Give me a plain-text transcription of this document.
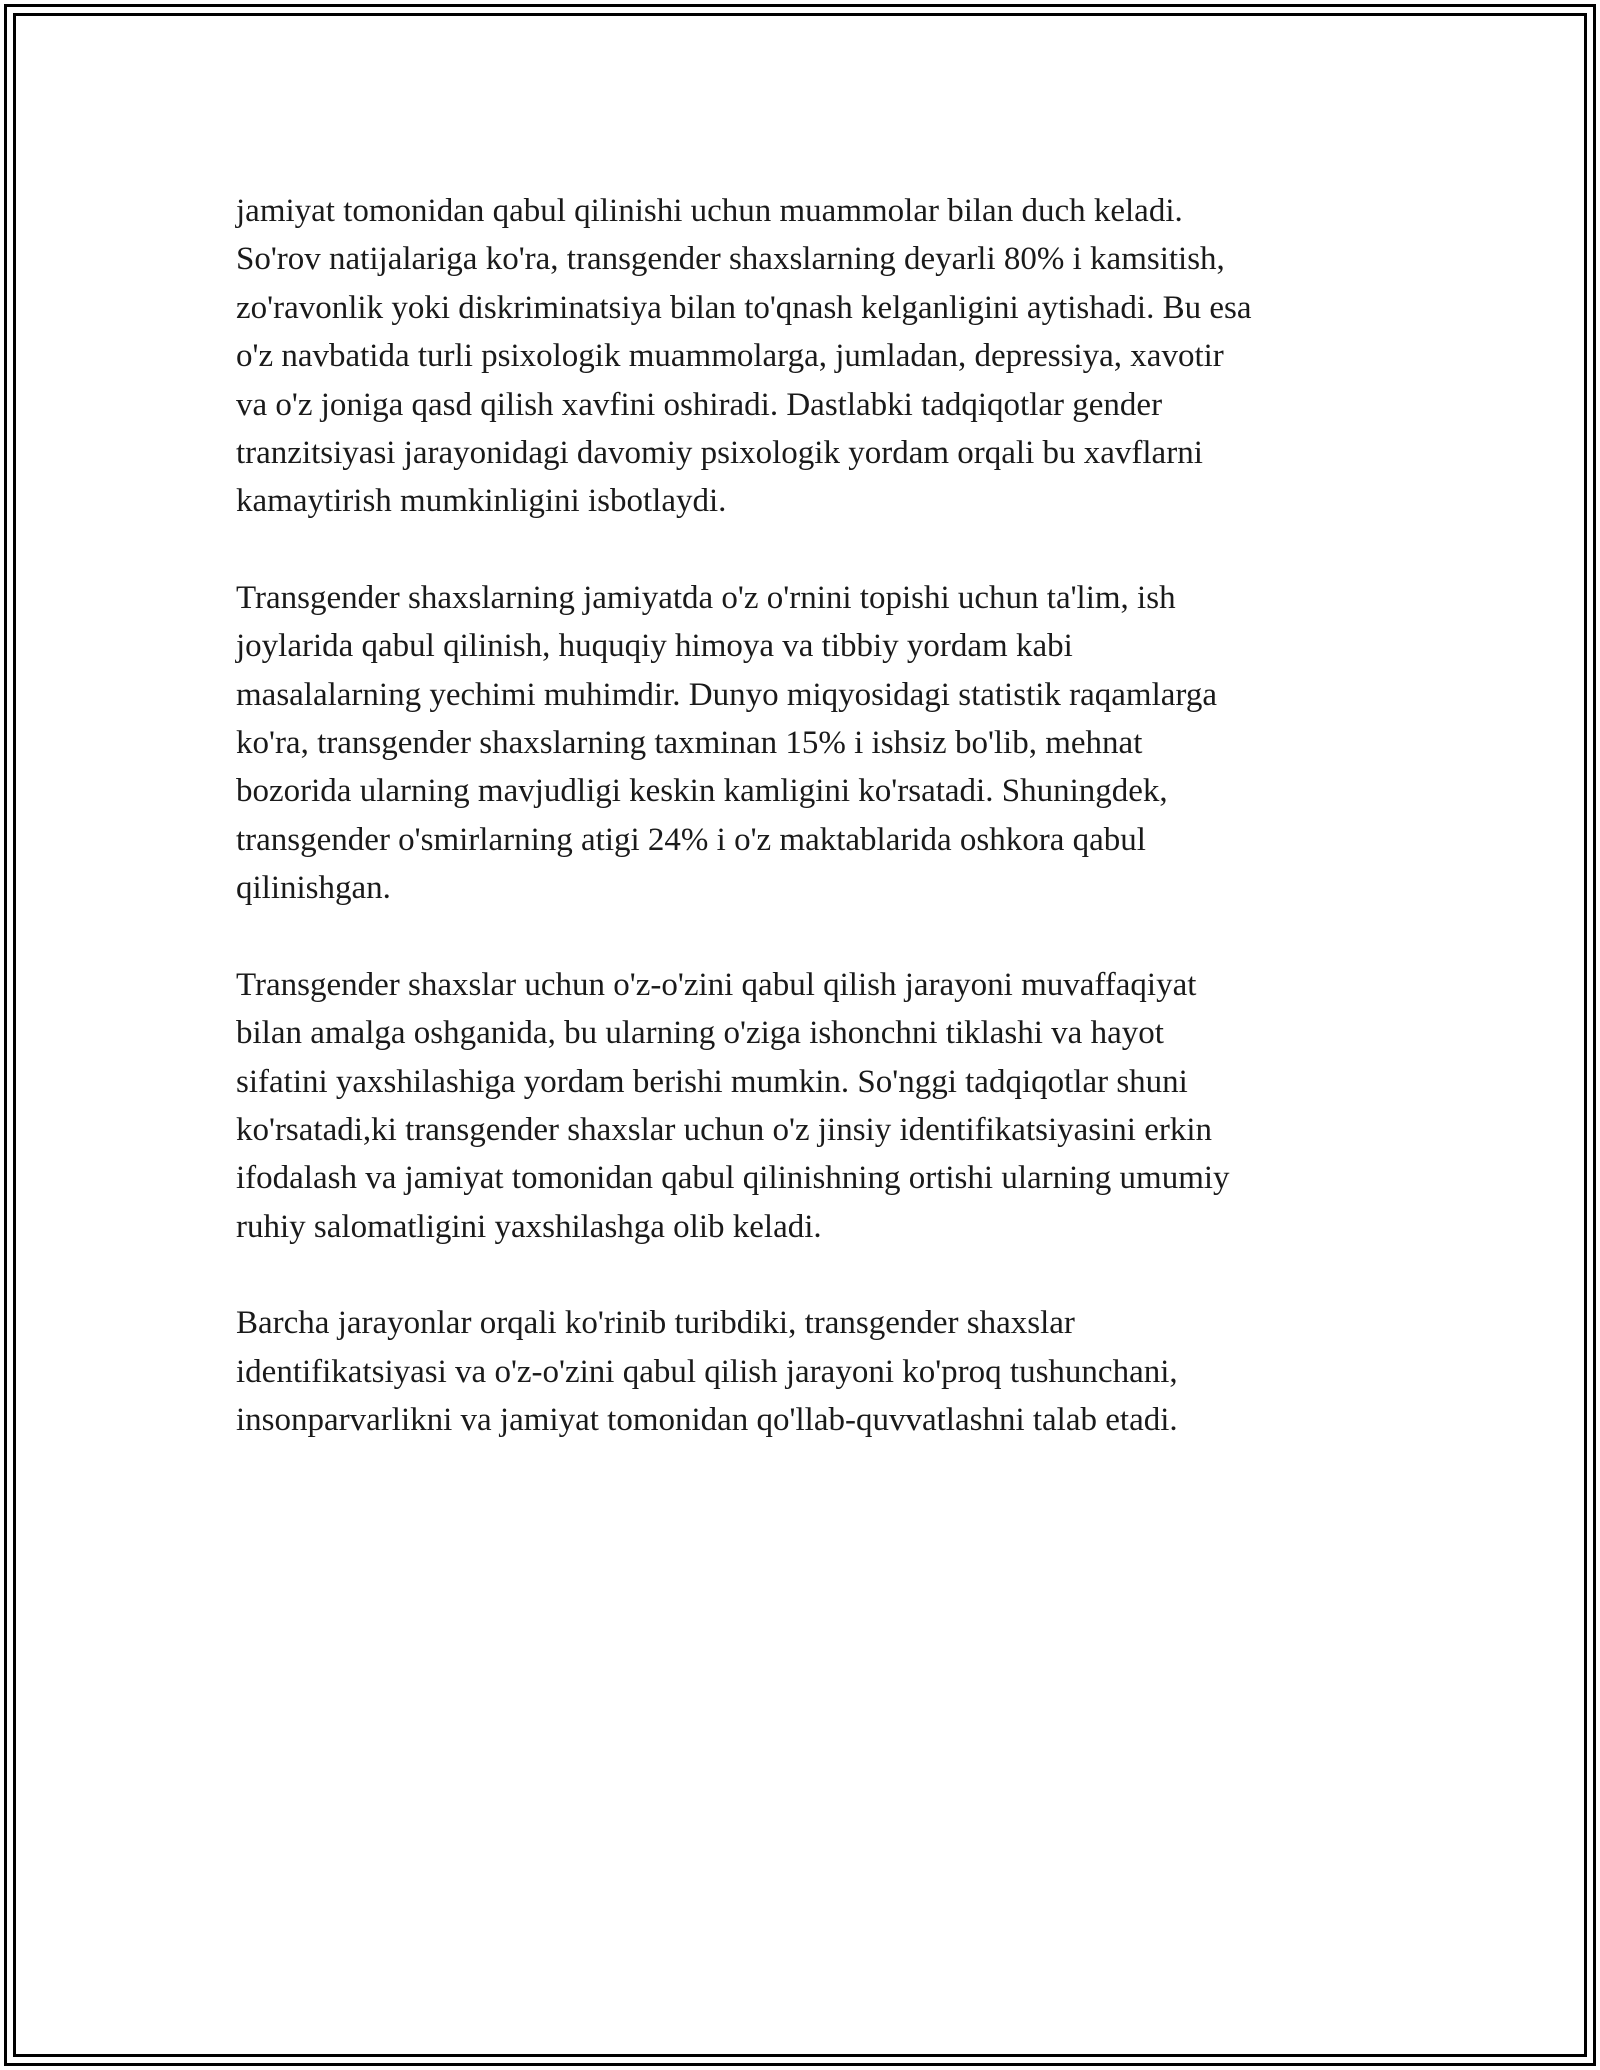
jamiyat tomonidan qabul qilinishi uchun muammolar bilan duch keladi.
So'rov natijalariga ko'ra, transgender shaxslarning deyarli 80% i kamsitish,
zo'ravonlik yoki diskriminatsiya bilan to'qnash kelganligini aytishadi. Bu esa
o'z navbatida turli psixologik muammolarga, jumladan, depressiya, xavotir
va o'z joniga qasd qilish xavfini oshiradi. Dastlabki tadqiqotlar gender
tranzitsiyasi jarayonidagi davomiy psixologik yordam orqali bu xavflarni
kamaytirish mumkinligini isbotlaydi.

Transgender shaxslarning jamiyatda o'z o'rnini topishi uchun ta'lim, ish
joylarida qabul qilinish, huquqiy himoya va tibbiy yordam kabi
masalalarning yechimi muhimdir. Dunyo miqyosidagi statistik raqamlarga
ko'ra, transgender shaxslarning taxminan 15% i ishsiz bo'lib, mehnat
bozorida ularning mavjudligi keskin kamligini ko'rsatadi. Shuningdek,
transgender o'smirlarning atigi 24% i o'z maktablarida oshkora qabul
qilinishgan.

Transgender shaxslar uchun o'z-o'zini qabul qilish jarayoni muvaffaqiyat
bilan amalga oshganida, bu ularning o'ziga ishonchni tiklashi va hayot
sifatini yaxshilashiga yordam berishi mumkin. So'nggi tadqiqotlar shuni
ko'rsatadi,ki transgender shaxslar uchun o'z jinsiy identifikatsiyasini erkin
ifodalash va jamiyat tomonidan qabul qilinishning ortishi ularning umumiy
ruhiy salomatligini yaxshilashga olib keladi.

Barcha jarayonlar orqali ko'rinib turibdiki, transgender shaxslar
identifikatsiyasi va o'z-o'zini qabul qilish jarayoni ko'proq tushunchani,
insonparvarlikni va jamiyat tomonidan qo'llab-quvvatlashni talab etadi.
